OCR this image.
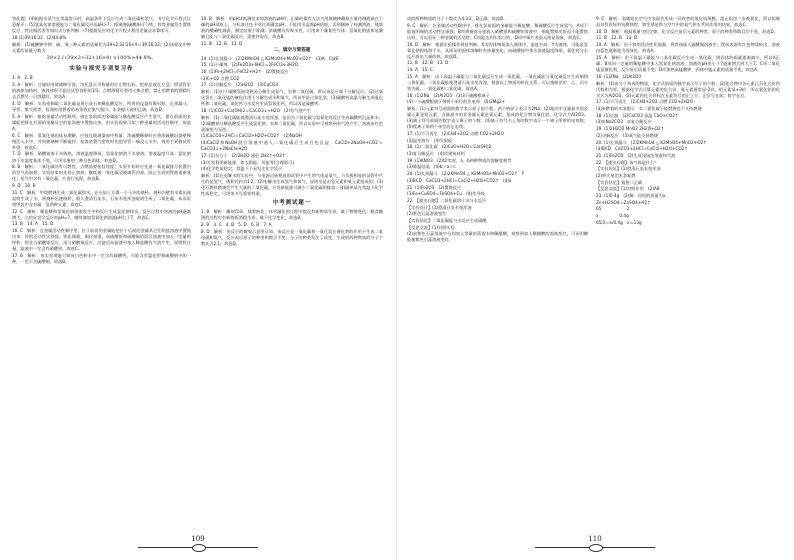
答此题；(4)根据水蒸气在常温常压时，高温条件下反应生成二氧化碳和氢气，书写化学方程式注意配平；(5)氢氧化钠溶液能与二氧化碳反应而pH>7；(6)根据硫酸铜可与铁、锌等金属发生置换反应，铁比铜活泼等知识点分析判断；(7)根据反应的化学方程式利用差量法求算即可。

18.(1)39∶16∶32　(2)44.8%

解析：(1)硫酸钾中钾、硫、氧三种元素的质量比为39×2∶32∶16×4＝39∶16∶32；(2)该样品中钾元素的质量分数为

39×2 / (39×2+32+16×4) ×100%≈44.8%。
实验与探究专项复习卷

1. A　2. B

3. A　解析：过滤时用玻璃棒引流；用托盘天平称量时应左物右码，把样品放在左盘；给试管里的液体加热时，液体体积不超过试管容积的1/3；点燃酒精灯要用火柴点燃，禁止用燃着的酒精灯去点燃另一只酒精灯，故选A。

4. D　解析：实验室制取二氧化碳是用石灰石和稀盐酸反应，所用的仪器有锥形瓶、长颈漏斗、导管、集气瓶等，验满时用燃着的木条放在集气瓶口，木条熄灭说明已满，故选D。

5. A　解析：根据金属活动性顺序，排在氢前面的金属能与稀盐酸反应产生氢气，排在前面的金属能把排在后面的金属从它的盐溶液中置换出来，由实验现象可知三种金属的活动性顺序，故选A。

6. C　解析：氢氧化钠固体易潮解，应放在玻璃器皿中称量；浓硫酸稀释时应将浓硫酸沿器壁慢慢注入水中，并用玻璃棒不断搅拌；检查装置气密性时先把导管一端浸入水中，再用手紧握试管外壁，故选C。

7. D　解析：硝酸铵溶于水吸热，溶液温度降低；氢氧化钠溶于水放热，溶液温度升高；氯化钠溶于水温度基本不变，可用水鉴别三种白色固体，故选D。

8. B　解析：一氧化碳具有可燃性，点燃前要检验纯度；实验开始时应先通一氧化碳排尽装置内的空气再加热，实验结束时先停止加热，继续通一氧化碳至玻璃管冷却，防止生成的铁被重新氧化；尾气中含有一氧化碳，应进行处理，故选B。

9. D　10. B

11. C　解析：甲烷燃烧生成二氧化碳和水，在火焰上方罩一个干冷的烧杯，烧杯内壁有水雾出现说明生成了水，将烧杯迅速倒转，倒入澄清石灰水，石灰水变浑浊说明生成了二氧化碳，从而证明甲烷中含有碳、氢两种元素，故选C。

12. C　解析：稀盐酸和氢氧化钠溶液发生中和反应生成氯化钠和水，反应过程中溶液的pH逐渐增大，当恰好完全反应时pH=7，继续滴加氢氧化钠溶液pH大于7，故选C。

13. B　14. A　15. D

16. C　解析：在金属活动性顺序里，位于前面的金属能把位于后面的金属从它们的盐溶液中置换出来；锌的活动性比铁强，铁比铜强，铜比银强，向硝酸银和硝酸铜的混合溶液中加入一定量的锌粉，锌先与硝酸银反应，再与硝酸铜反应，过滤后向滤渣中加入稀盐酸有气泡产生，说明锌过量，滤液中一定含有硝酸锌，故选C。

17. B　解析：由实验现象可知该白色粉末中一定含有碳酸钙，可能含有氯化钡和硫酸钠中的一种，一定不含硫酸铜，故选B。

10. B　解析：用pH试纸测定未知溶液的pH时，正确的操作方法为用玻璃棒蘸取少量待测液滴在干燥的pH试纸上，与标准比色卡对比来确定pH；不能用水湿润pH试纸，否则稀释了待测溶液，使溶液的酸碱性减弱，测定结果不准确；浓硫酸具有吸水性，可用来干燥某些气体；氢氧化钠固体易潮解且能与二氧化碳反应，需密封保存，故选B。

11. B　12. B　13. D

二、填空与简答题

14. (1)长颈漏斗　(2)2KMnO4 △ K2MnO4+MnO2+O2↑　(3)A　C或E

15. (1)干燥剂　(2)Fe2O3+6HCl＝2FeCl3+3H2O

16. (1)Fe+2HCl＝FeCl2+H2↑　(2)置换反应

(3)C+O2 点燃 CO2

17. (1)分解反应　(2)H2O2　(3)CaCO3

解析：(1)由于碳酸氢铵受热易分解生成氨气、水和二氧化碳，所以该反应属于分解反应；(2)过氧化氢在二氧化锰的催化作用下分解生成水和氧气，所以甲是过氧化氢；(3)碳酸钙高温分解生成氧化钙和二氧化碳，氧化钙与水反应生成氢氧化钙，所以丙是碳酸钙。

18. (1)CO2+Ca(OH)2＝CaCO3↓+H2O　(2)有气泡产生

解析：(1)二氧化碳能使澄清石灰水变浑浊，是因为二氧化碳与氢氧化钙反应生成碳酸钙沉淀和水；(2)碳酸钠与稀盐酸反应生成氯化钠、水和二氧化碳，所以实验中可观察到有气泡产生，溶液由红色逐渐变为无色。

(1)CaCO3+2HCl＝CaCl2+H2O+CO2↑　(2)NaOH

(4)CaCl2和NaOH混合溶液中通入二氧化碳后生成白色沉淀　CaCl2+2NaOH+CO2＝CaCO3↓+2NaCl+H2O

17. (1)水分子　(2)2H2O 通电 2H2↑+O2↑

(3)开发利用新能源，如太阳能、风能等(合理即可)

(4)化学性质稳定，常温下不易发生化学反应

解析：(1)在电解水的实验中，与电源正极相连的试管中产生的气体是氧气，与负极相连的试管中产生的是氢气，体积比约为1∶2；(2)电解水生成氢气和氧气，说明水是由氢元素和氧元素组成的；(3)化石燃料燃烧会产生大量的二氧化碳，开发新能源可减少二氧化碳的排放；(4)碳单质在常温下化学性质稳定，可用来书写重要档案。

中考测试题一

1. B　解析：雕刻印章、裁剪窗花、冰雪融化的过程中都没有新物质生成，属于物理变化；粮食酿酒的过程中有新物质酒精生成，属于化学变化，故选B。

2. B　3. C　4. B　5. D　6. B　7. A

8. D　解析：由反应的微观示意图可知，该反应是一氧化碳和一氧化氮在催化剂的作用下生成二氧化碳和氮气，反应前后原子的种类和数目不变，分子的种类发生了改变，生成的两种物质的分子个数比为2∶1，故选D。

109

成的两种物质的分子个数比为4∶3∶2，D正确，故选D。

9. C　解析：在金属活动性顺序中，排在氢前面的金属能与稀盐酸、稀硫酸反应生成氢气，A项不能说明铜的活动性比银强；B项将铜丝分别放入硝酸银和硫酸锌溶液中，铜能置换出银而不能置换出锌，可以验证三种金属的活动性；C项能达到实验目的，D项中铜片表面无明显现象，故选C。

10. D　解析：根据实验操作规范判断，X为固体物质加入液体中，温度升高，Y为液体，可能是氢氧化钠固体溶于水，从而证明固体溶解时有热量变化；向硝酸铵中加水溶液温度降低，氧化钙与水反应放出大量的热，故选D。

11. B　12. B　13. D

14. A　15. C

15. A　解析：由于高温下碳能与二氧化碳反应生成一氧化碳，一氧化碳能与氧化铜反应生成铜和二氧化碳，二氧化碳能使澄清石灰水变浑浊，根据以上物质的转化关系，可以推断出甲、乙、丙分别为碳、一氧化碳和二氧化碳，故选A。

16. (1)2Na　(2)Al2O3　(3)3个硫酸根离子

(4)一个硫酸根离子带两个单位的负电荷　(5)3Mg2+

解析：(1)元素符号前面的数字表示原子的个数，两个钠原子表示为2Na；(2)地壳中含量最多的金属元素是铝元素，含量最多的非金属元素是氧元素，组成的化合物为氧化铝，化学式为Al2O3；(3)离子符号前面的数字表示离子的个数；(4)离子符号右上角的数字表示一个离子所带的电荷数；(5)镁离子带两个单位的正电荷。

17. (1)不可再生　(2)CH4+2O2 点燃 CO2+2H2O

(3)温室效应　(4)太阳能

18. (1)二氧化碳　(2)CaO+H2O＝Ca(OH)2

(3)复分解反应　(4)作建筑材料

19. (1)KNO3　(2)t2℃时，a、b两种物质的溶解度相等

(3)降温结晶　(4)b＞a＞c

20. (1)长颈漏斗　(2)2KMnO4 △ K2MnO4+MnO2+O2↑　F

(3)BCD　CaCO3+2HCl＝CaCl2+H2O+CO2↑　(4)a

21. (1)Fe2O3　(2)置换反应

(3)Fe+CuSO4＝FeSO4+Cu　(4)作导线

22. 【提出问题】二氧化碳溶于水与水反应

【实验设计】(1)澄清石灰水变浑浊

(2)紫色石蕊溶液变红

【实验结论】二氧化碳能与水反应生成碳酸

【反思交流】(1)对照实验

(2)向紫色石蕊溶液中分别加入等量的蒸馏水和稀醋酸，观察到加入稀醋酸的溶液变红，可证明酸能使紫色石蕊溶液变红。

9. C　解析：金属铝在空气中表面会形成一层致密的氧化铝薄膜，阻止铝进一步被氧化，所以铝制品具有很好的抗腐蚀性；铁生锈是铁与空气中的氧气和水共同作用的结果，故选C。

10. D　解析：根据质量守恒定律，化学反应前后元素的种类、原子的种类和数目均不变，故选D。

11. B　12. B　13. B

14. A　解析：由于铁的活动性比铜强，将铁丝插入硫酸铜溶液中，铁丝表面有红色物质析出，溶液由蓝色逐渐变为浅绿色，故选A。

15. A　解析：由于高温下碳能与二氧化碳反应生成一氧化碳，则固体的质量逐渐减少，所以A正确；B项向一定量的稀盐酸中加入氢氧化钠溶液，溶液的pH由小于7逐渐增大到大于7；C项二氧化锰是催化剂，反应前后质量不变；D项加热高锰酸钾，固体中锰元素的质量不变，故选A。

16. (1)2Na　(2)Al2O3

解析：(1)由分子构成的物质，化学式前面的数字表示分子的个数；(2)化合物中各元素正负化合价的代数和为零，根据化学式计算元素的化合价，氧元素通常显-2价，铝元素显+3价，所以氧化铝的化学式为Al2O3；(3)元素的化合价标在元素符号的正上方，正负号在前，数字在后。

17. (1)不可再生　(2)CH4+2O2 点燃 CO2+2H2O

(3)①燃着的木条熄灭　②二氧化碳不能燃烧也不支持燃烧

18. (1)过滤　(2)CaCO3 高温 CaO+CO2↑

(3)①Na2CO3　②复分解反应

19. (1)2H2O2 MnO2 2H2O+O2↑

(2)分解反应　(3)氧气能支持燃烧

20. (1)长颈漏斗　(2)2KMnO4 △ K2MnO4+MnO2+O2↑

(3)BCD　CaCO3+2HCl＝CaCl2+H2O+CO2↑

21. (1)Fe2O3　(2)生成浅绿色溶液和气泡

22. 【提出问题】该气体是什么？

【实验验证】(1)澄清石灰水变浑浊

(2)带火星的木条复燃

【实验结论】猜想二正确

【反思交流】(1)对照作用　(2)AB

23. (1)0.4g　(2)解：设锌的质量为x。

Zn+H2SO4＝ZnSO4+H2↑

65　　　　　　2

x　　　　　0.4g

65/2＝x/0.4g　x＝13g

110
